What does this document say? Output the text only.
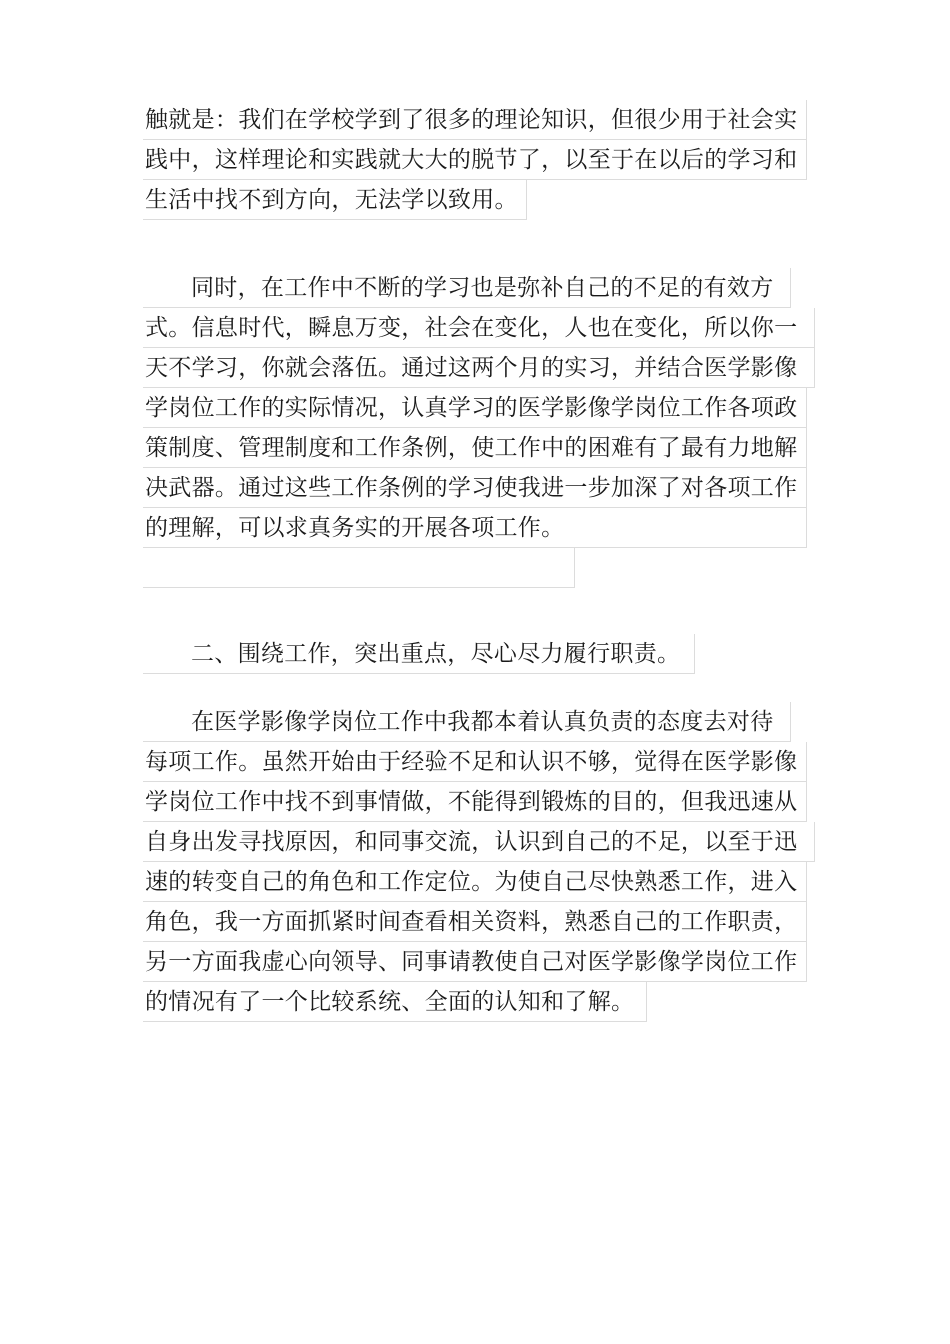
触就是：我们在学校学到了很多的理论知识，但很少用于社会实
践中，这样理论和实践就大大的脱节了，以至于在以后的学习和
生活中找不到方向，无法学以致用。
同时，在工作中不断的学习也是弥补自己的不足的有效方
式。信息时代，瞬息万变，社会在变化，人也在变化，所以你一
天不学习，你就会落伍。通过这两个月的实习，并结合医学影像
学岗位工作的实际情况，认真学习的医学影像学岗位工作各项政
策制度、管理制度和工作条例，使工作中的困难有了最有力地解
决武器。通过这些工作条例的学习使我进一步加深了对各项工作
的理解，可以求真务实的开展各项工作。
二、围绕工作，突出重点，尽心尽力履行职责。
在医学影像学岗位工作中我都本着认真负责的态度去对待
每项工作。虽然开始由于经验不足和认识不够，觉得在医学影像
学岗位工作中找不到事情做，不能得到锻炼的目的，但我迅速从
自身出发寻找原因，和同事交流，认识到自己的不足，以至于迅
速的转变自己的角色和工作定位。为使自己尽快熟悉工作，进入
角色，我一方面抓紧时间查看相关资料，熟悉自己的工作职责，
另一方面我虚心向领导、同事请教使自己对医学影像学岗位工作
的情况有了一个比较系统、全面的认知和了解。
